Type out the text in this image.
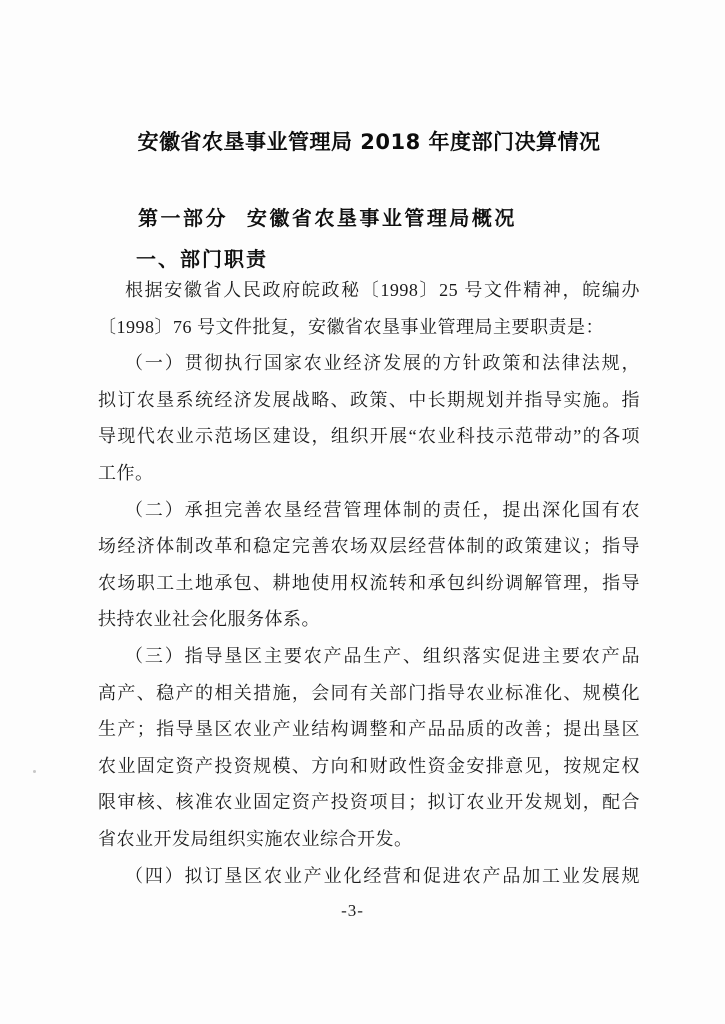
安徽省农垦事业管理局 2018 年度部门决算情况
第一部分  安徽省农垦事业管理局概况
一、部门职责
根据安徽省人民政府皖政秘〔1998〕25 号文件精神，皖编办
〔1998〕76 号文件批复，安徽省农垦事业管理局主要职责是：
（一）贯彻执行国家农业经济发展的方针政策和法律法规，
拟订农垦系统经济发展战略、政策、中长期规划并指导实施。指
导现代农业示范场区建设，组织开展“农业科技示范带动”的各项
工作。
（二）承担完善农垦经营管理体制的责任，提出深化国有农
场经济体制改革和稳定完善农场双层经营体制的政策建议；指导
农场职工土地承包、耕地使用权流转和承包纠纷调解管理，指导
扶持农业社会化服务体系。
（三）指导垦区主要农产品生产、组织落实促进主要农产品
高产、稳产的相关措施，会同有关部门指导农业标准化、规模化
生产；指导垦区农业产业结构调整和产品品质的改善；提出垦区
农业固定资产投资规模、方向和财政性资金安排意见，按规定权
限审核、核准农业固定资产投资项目；拟订农业开发规划，配合
省农业开发局组织实施农业综合开发。
（四）拟订垦区农业产业化经营和促进农产品加工业发展规
-3-
